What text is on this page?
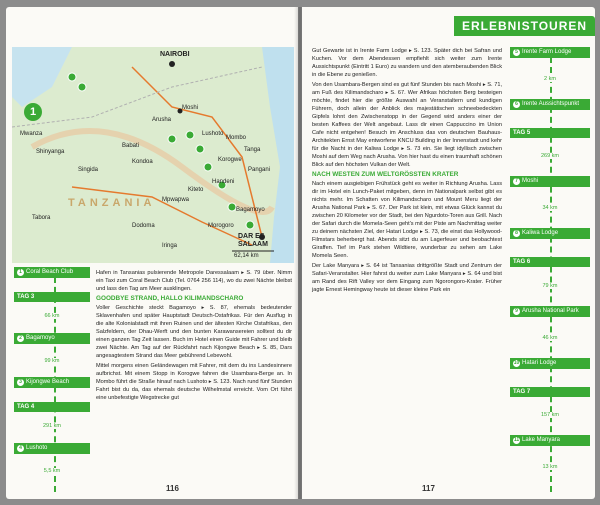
1
NAIROBI
Moshi
Arusha
Mwanza
Shinyanga
Tabora
Dodoma	Morogoro
Tanga
Pangani
Korogwe
Handeni
Mombo
Bagamoyo
Lushoto
DAR ES SALAAM
Iringa
Mpwapwa
Kondoa
Babati
Singida
Kiteto
TANZANIA
62,14 km
1 Coral Beach Club
TAG 3
66 km
2 Bagamoyo
99 km
3 Kijongwe Beach
TAG 4
291 km
4 Lushoto
5,5 km

Hafen in Tansanias pulsierende Metropole Daressalaam ▸ S. 79 über. Nimm ein Taxi zum Coral Beach Club (Tel. 0764 256 114), wo du zwei Nächte bleibst und lass den Tag am Meer ausklingen.

GOODBYE STRAND, HALLO KILIMANDSCHARO

Voller Geschichte steckt Bagamoyo ▸ S. 87, ehemals bedeutender Sklavenhafen und später Hauptstadt Deutsch-Ostafrikas. Für den Ausflug in die alte Kolonialstadt mit ihren Ruinen und der ältesten Kirche Ostafrikas, den Salzfeldern, der Dhau-Werft und den bunten Karawansereien solltest du dir einen ganzen Tag Zeit lassen. Buch im Hotel einen Guide mit Fahrer und bleib zwei Nächte. Am Tag auf der Rückfahrt nach Kijongwe Beach ▸ S. 85, Dars angesagtestem Strand das Meer gebührend Lebewohl.

Mittel morgens einen Geländewagen mit Fahrer, mit dem du ins Landesinnere aufbrichst. Mit einem Stopp in Korogwe fahren die Usambara-Berge an. In Mombo führt die Straße hinauf nach Lushoto ▸ S. 123. Nach rund fünf Stunden Fahrt bist du da, das ehemals deutsche Wilhelmstal erreicht. Vom Ort führt eine unbefestigte Wegstrecke gut

116
ERLEBNISTOUREN

Gut Gewarte ist in Irente Farm Lodge ▸ S. 123. Später dich bei Safran und Kuchen. Vor dem Abendessen empfiehlt sich weiter zum Irente Aussichtspunkt (Eintritt 1 Euro) zu wandern und den atemberaubenden Blick in die Ebene zu genießen.

Von den Usambara-Bergen sind es gut fünf Stunden bis nach Moshi ▸ S. 71, am Fuß des Kilimandscharo ▸ S. 67. Wer Afrikas höchsten Berg besteigen möchte, findet hier die größte Auswahl an Veranstaltern und kundigen Führern, doch allein der Anblick des majestätischen schneebedeckten Gipfels lohnt den Zwischenstopp in der Gegend wird anders einer der besten Kaffees der Welt angebaut. Lass dir einen Cappuccino im Union Cafe nicht entgehen! Besuch im Anschluss das von deutschen Bauhaus-Architekten Ernst May entworfene KNCU Building in der Innenstadt und kehr für die Nacht in der Kaliwa Lodge ▸ S. 73 ein. Sie liegt idyllisch zwischen Moshi auf dem Weg nach Arusha. Von hier hast du einen traumhaft schönen Blick auf den höchsten Vulkan der Welt.

NACH WESTEN ZUM WELTGRÖSSTEN KRATER

Nach einem ausgiebigen Frühstück geht es weiter in Richtung Arusha. Lass dir im Hotel ein Lunch-Paket mitgeben, denn im Nationalpark selbst gibt es nichts mehr. Im Schatten von Kilimandscharo und Mount Meru liegt der Arusha National Park ▸ S. 67. Der Park ist klein, mit etwas Glück kannst du zwischen 20 Kilometer vor der Stadt, bei den Ngurdoto-Toren aus Grill. Nach der Safari durch die Momela-Seen geht's mit der Piste am Nachmittag weiter zu deinem nächsten Ziel, der Hatari Lodge ▸ S. 73, die einst das Hollywood-Filmstars beherbergt hat. Abends sitzt du am Lagerfeuer und beobachtest Giraffen. Tief im Park stehen Wildtiere, wunderbar zu sehen am Lake Momela Seen.

Der Lake Manyara ▸ S. 64 ist Tansanias drittgrößte Stadt und Zentrum der Safari-Veranstalter. Hier fahrst du weiter zum Lake Manyara ▸ S. 64 und bist am Rand des Rift Valley vor dem Eingang zum Ngorongoro-Krater. Früher jagte Ernest Hemingway heute ist dieser kleine Park ein

5 Irente Farm Lodge
2 km
6 Irente Aussichtspunkt
TAG 5
269 km
7 Moshi
34 km
8 Kaliwa Lodge
TAG 6
79 km
9 Arusha National Park
46 km
10 Hatari Lodge
TAG 7
157 km
11 Lake Manyara
13 km
117
